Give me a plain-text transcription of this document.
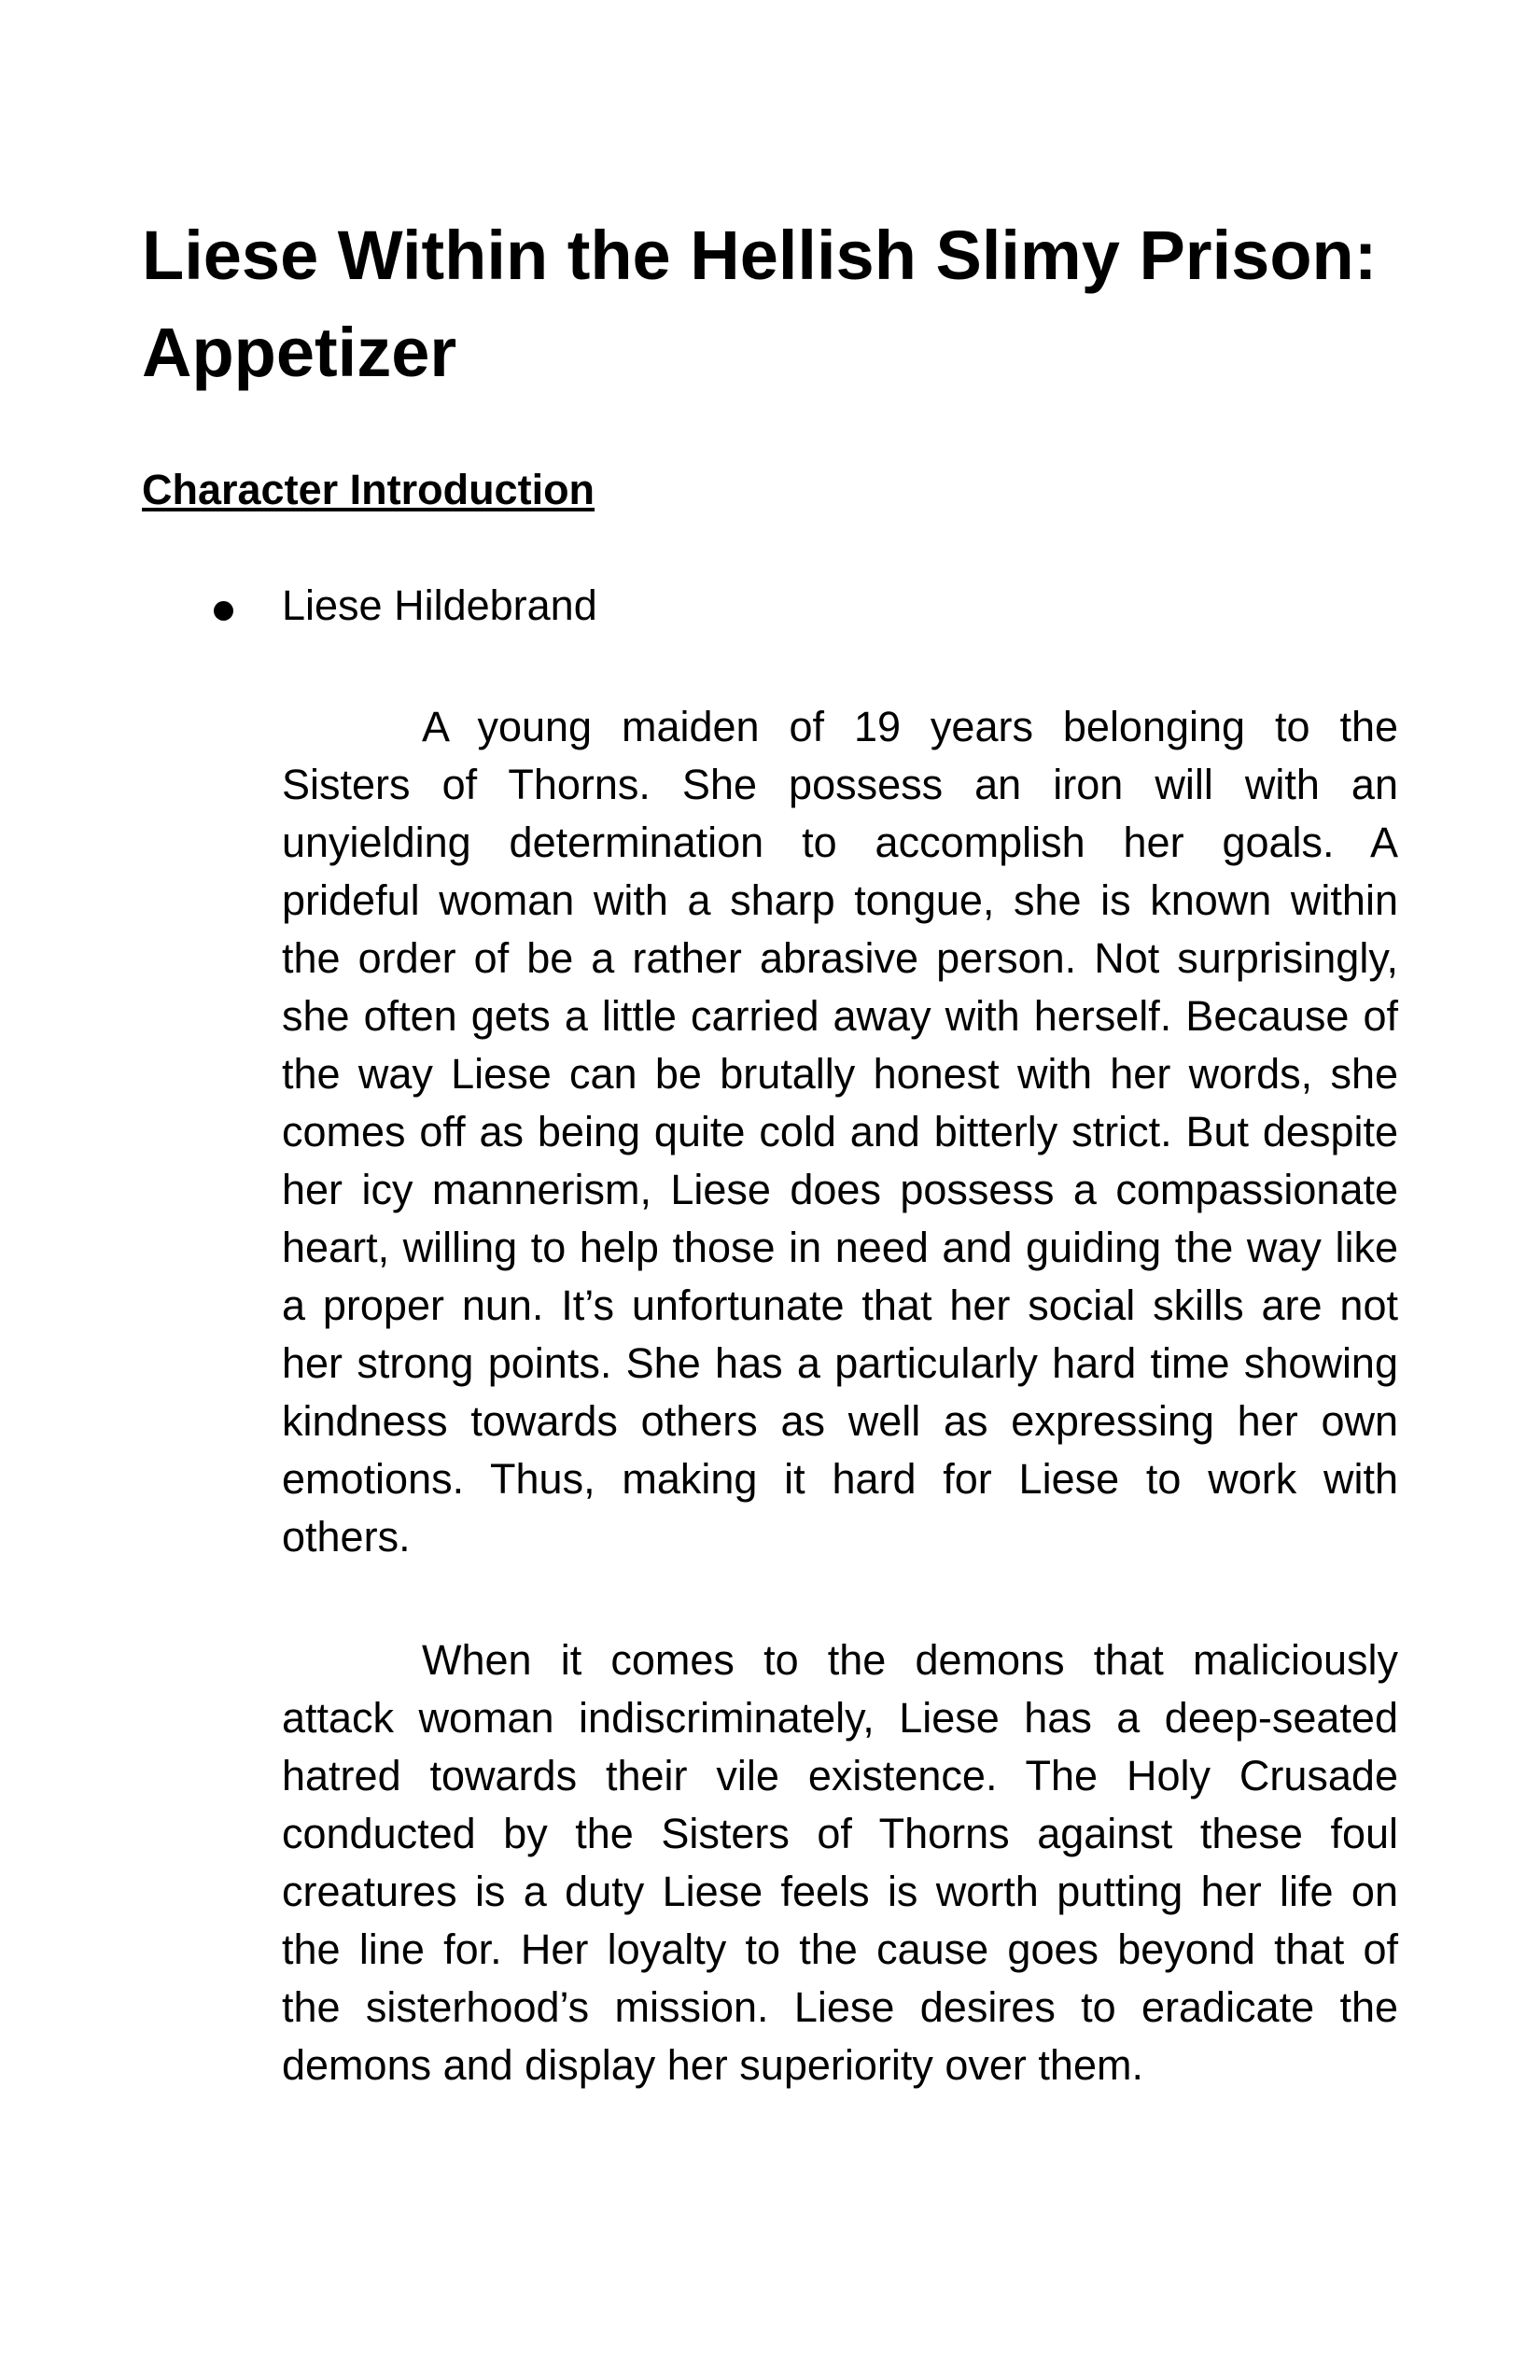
Liese Within the Hellish Slimy Prison: Appetizer
Character Introduction
Liese Hildebrand
A young maiden of 19 years belonging to the
Sisters of Thorns. She possess an iron will with an
unyielding determination to accomplish her goals. A
prideful woman with a sharp tongue, she is known within
the order of be a rather abrasive person. Not surprisingly,
she often gets a little carried away with herself. Because of
the way Liese can be brutally honest with her words, she
comes off as being quite cold and bitterly strict. But despite
her icy mannerism, Liese does possess a compassionate
heart, willing to help those in need and guiding the way like
a proper nun. It’s unfortunate that her social skills are not
her strong points. She has a particularly hard time showing
kindness towards others as well as expressing her own
emotions. Thus, making it hard for Liese to work with
others.
When it comes to the demons that maliciously
attack woman indiscriminately, Liese has a deep-seated
hatred towards their vile existence. The Holy Crusade
conducted by the Sisters of Thorns against these foul
creatures is a duty Liese feels is worth putting her life on
the line for. Her loyalty to the cause goes beyond that of
the sisterhood’s mission. Liese desires to eradicate the
demons and display her superiority over them.
